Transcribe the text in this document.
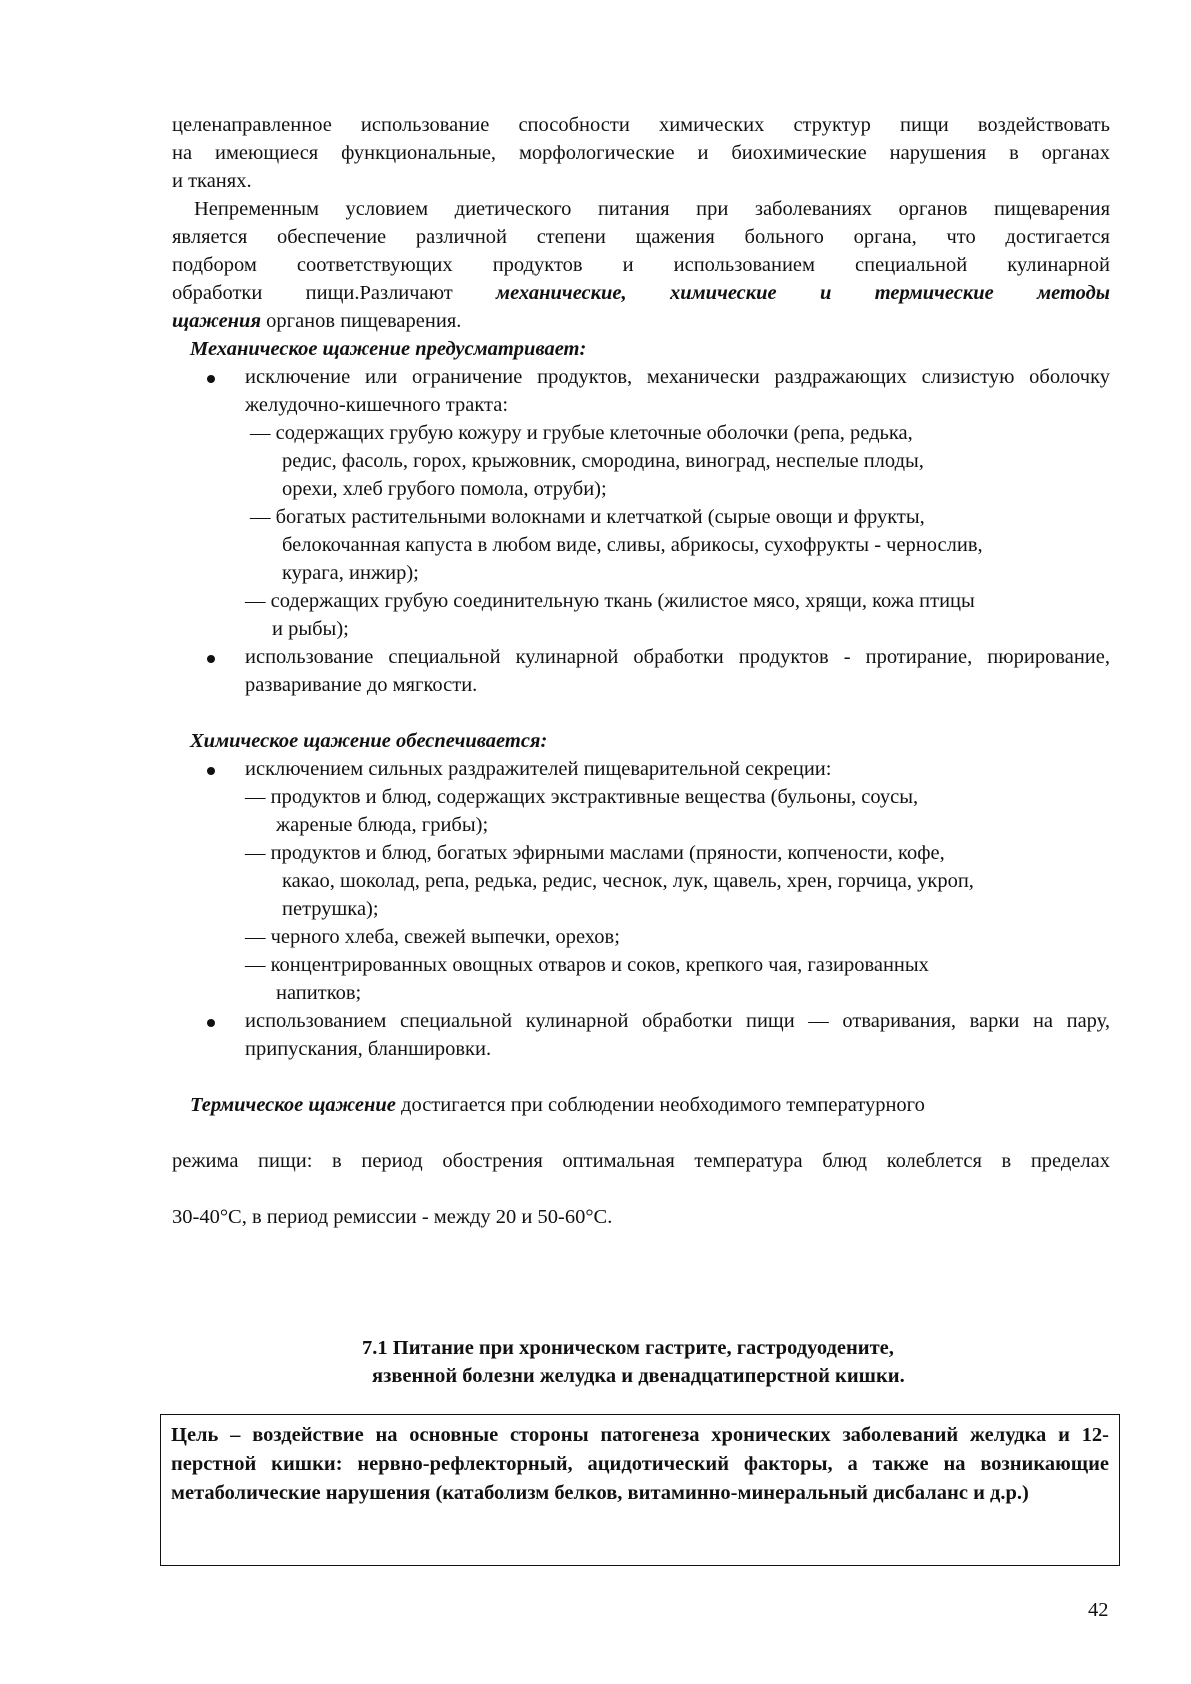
целенаправленное использование способности химических структур пищи воздействовать

на имеющиеся функциональные, морфологические и биохимические нарушения в органах

и тканях.

Непременным условием диетического питания при заболеваниях органов пищеварения

является обеспечение различной степени щажения больного органа, что достигается

подбором соответствующих продуктов и использованием специальной кулинарной

обработки пищи.Различают механические, химические и термические методы

щажения органов пищеварения.

Механическое щажение предусматривает:

исключение или ограничение продуктов, механически раздражающих слизистую оболочку желудочно-кишечного тракта:

— содержащих грубую кожуру и грубые клеточные оболочки (репа, редька,

редис, фасоль, горох, крыжовник, смородина, виноград, неспелые плоды,

орехи, хлеб грубого помола, отруби);

— богатых растительными волокнами и клетчаткой (сырые овощи и фрукты,

белокочанная капуста в любом виде, сливы, абрикосы, сухофрукты - чернослив,

курага, инжир);

— содержащих грубую соединительную ткань (жилистое мясо, хрящи, кожа птицы

и рыбы);

использование специальной кулинарной обработки продуктов - протирание, пюрирование, разваривание до мягкости.

Химическое щажение обеспечивается:

исключением сильных раздражителей пищеварительной секреции:

— продуктов и блюд, содержащих экстрактивные вещества (бульоны, соусы,

жареные блюда, грибы);

— продуктов и блюд, богатых эфирными маслами (пряности, копчености, кофе,

какао, шоколад, репа, редька, редис, чеснок, лук, щавель, хрен, горчица, укроп,

петрушка);

— черного хлеба, свежей выпечки, орехов;

— концентрированных овощных отваров и соков, крепкого чая, газированных

напитков;

использованием специальной кулинарной обработки пищи — отваривания, варки на пару, припускания, бланшировки.

Термическое щажение достигается при соблюдении необходимого температурного

режима пищи: в период обострения оптимальная температура блюд колеблется в пределах

30-40°С, в период ремиссии - между 20 и 50-60°С.

7.1 Питание при хроническом гастрите, гастродуодените,

язвенной болезни желудка и двенадцатиперстной кишки.

Цель – воздействие на основные стороны патогенеза хронических заболеваний желудка и 12-перстной кишки: нервно-рефлекторный, ацидотический факторы, а также на возникающие метаболические нарушения (катаболизм белков, витаминно-минеральный дисбаланс и д.р.)

42
